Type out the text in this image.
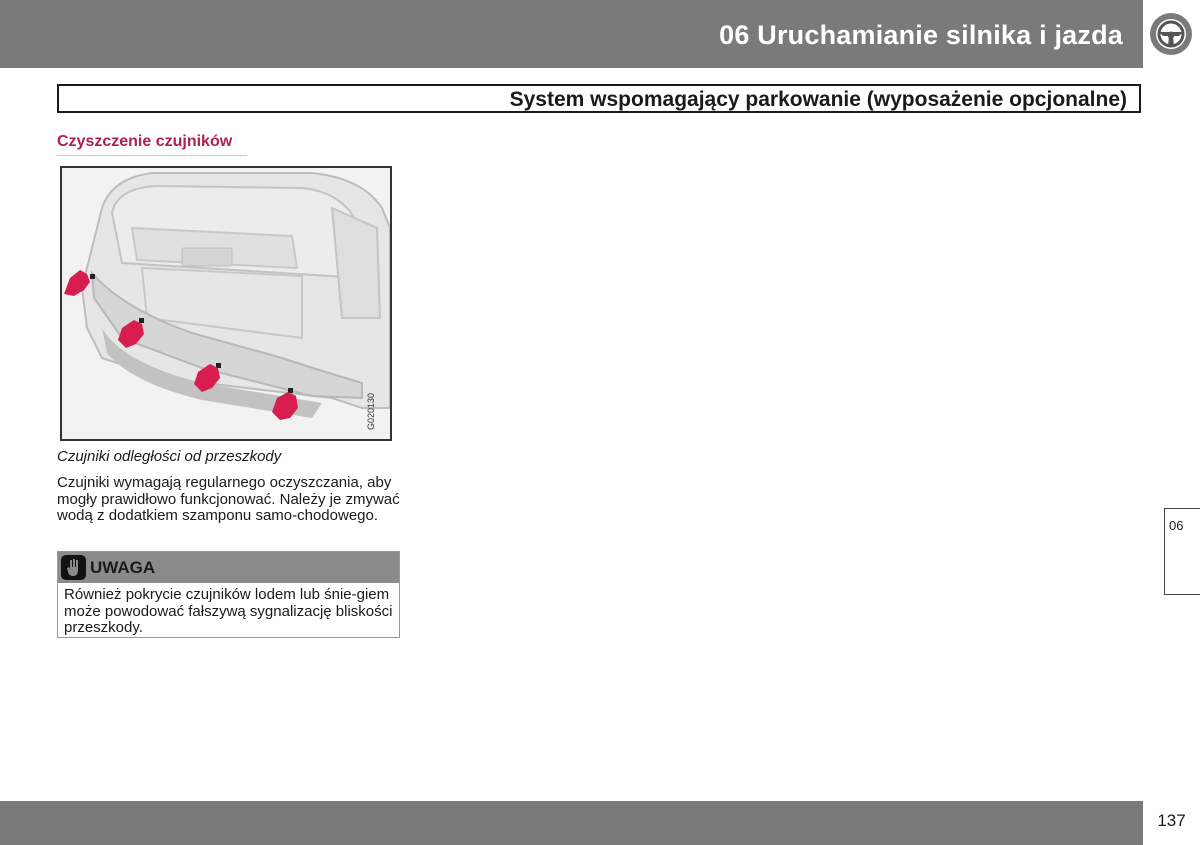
06 Uruchamianie silnika i jazda
System wspomagający parkowanie (wyposażenie opcjonalne)
Czyszczenie czujników
G020130
Czujniki odległości od przeszkody

Czujniki wymagają regularnego oczyszczania, aby mogły prawidłowo funkcjonować. Należy je zmywać wodą z dodatkiem szamponu samo-chodowego.

UWAGA

Również pokrycie czujników lodem lub śnie-giem może powodować fałszywą sygnalizację bliskości przeszkody.

06
137
